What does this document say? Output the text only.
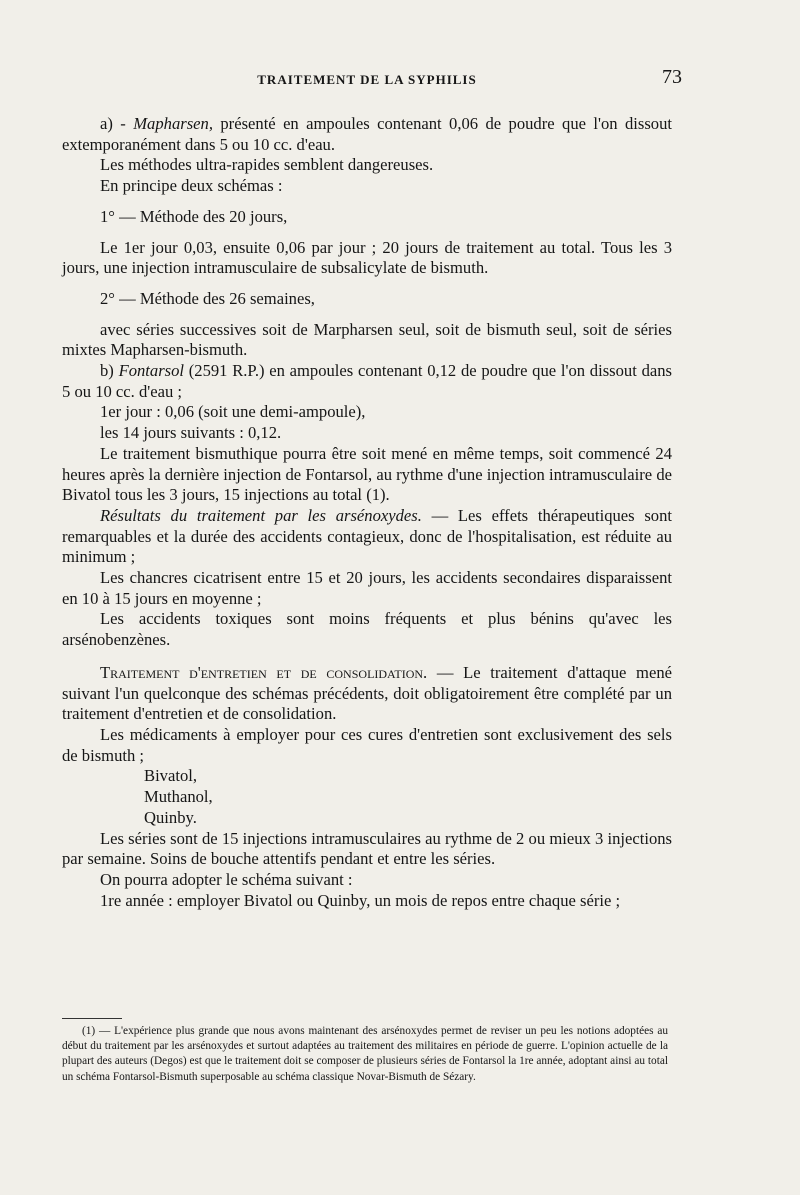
TRAITEMENT DE LA SYPHILIS	73

a) - Mapharsen, présenté en ampoules contenant 0,06 de poudre que l'on dissout extemporanément dans 5 ou 10 cc. d'eau.

Les méthodes ultra-rapides semblent dangereuses.

En principe deux schémas :

1° — Méthode des 20 jours,

Le 1er jour 0,03, ensuite 0,06 par jour ; 20 jours de traitement au total. Tous les 3 jours, une injection intramusculaire de subsalicylate de bismuth.

2° — Méthode des 26 semaines,

avec séries successives soit de Marpharsen seul, soit de bismuth seul, soit de séries mixtes Mapharsen-bismuth.

b) Fontarsol (2591 R.P.) en ampoules contenant 0,12 de poudre que l'on dissout dans 5 ou 10 cc. d'eau ;

1er jour : 0,06 (soit une demi-ampoule),

les 14 jours suivants : 0,12.

Le traitement bismuthique pourra être soit mené en même temps, soit commencé 24 heures après la dernière injection de Fontarsol, au rythme d'une injection intramusculaire de Bivatol tous les 3 jours, 15 injections au total (1).

Résultats du traitement par les arsénoxydes. — Les effets thérapeutiques sont remarquables et la durée des accidents contagieux, donc de l'hospitalisation, est réduite au minimum ;

Les chancres cicatrisent entre 15 et 20 jours, les accidents secondaires disparaissent en 10 à 15 jours en moyenne ;

Les accidents toxiques sont moins fréquents et plus bénins qu'avec les arsénobenzènes.

Traitement d'entretien et de consolidation. — Le traitement d'attaque mené suivant l'un quelconque des schémas précédents, doit obligatoirement être complété par un traitement d'entretien et de consolidation.

Les médicaments à employer pour ces cures d'entretien sont exclusivement des sels de bismuth ;

Bivatol,

Muthanol,

Quinby.

Les séries sont de 15 injections intramusculaires au rythme de 2 ou mieux 3 injections par semaine. Soins de bouche attentifs pendant et entre les séries.

On pourra adopter le schéma suivant :

1re année : employer Bivatol ou Quinby, un mois de repos entre chaque série ;

(1) — L'expérience plus grande que nous avons maintenant des arsénoxydes permet de reviser un peu les notions adoptées au début du traitement par les arsénoxydes et surtout adaptées au traitement des militaires en période de guerre. L'opinion actuelle de la plupart des auteurs (Degos) est que le traitement doit se composer de plusieurs séries de Fontarsol la 1re année, adoptant ainsi au total un schéma Fontarsol-Bismuth superposable au schéma classique Novar-Bismuth de Sézary.
